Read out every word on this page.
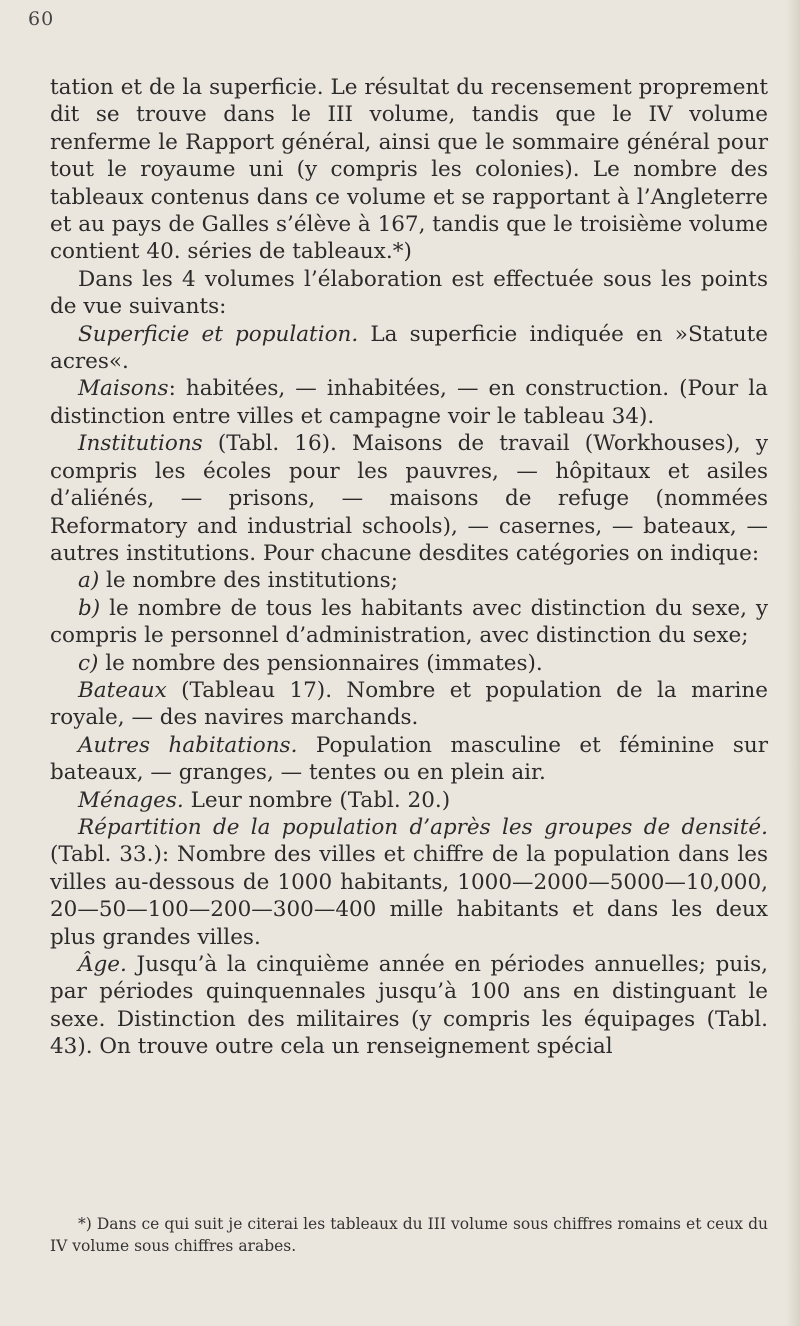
60

tation et de la superficie. Le résultat du recensement proprement dit se trouve dans le III volume, tandis que le IV volume renferme le Rapport général, ainsi que le sommaire général pour tout le royaume uni (y compris les colonies). Le nombre des tableaux contenus dans ce volume et se rapportant à l’Angleterre et au pays de Galles s’élève à 167, tandis que le troisième volume contient 40. séries de tableaux.*)

Dans les 4 volumes l’élaboration est effectuée sous les points de vue suivants:

Superficie et population. La superficie indiquée en »Statute acres«.

Maisons: habitées, — inhabitées, — en construction. (Pour la distinction entre villes et campagne voir le tableau 34).

Institutions (Tabl. 16). Maisons de travail (Workhouses), y compris les écoles pour les pauvres, — hôpitaux et asiles d’aliénés, — prisons, — maisons de refuge (nommées Reformatory and industrial schools), — casernes, — bateaux, — autres institutions. Pour chacune desdites catégories on indique:

a) le nombre des institutions;

b) le nombre de tous les habitants avec distinction du sexe, y compris le personnel d’administration, avec distinction du sexe;

c) le nombre des pensionnaires (immates).

Bateaux (Tableau 17). Nombre et population de la marine royale, — des navires marchands.

Autres habitations. Population masculine et féminine sur bateaux, — granges, — tentes ou en plein air.

Ménages. Leur nombre (Tabl. 20.)

Répartition de la population d’après les groupes de densité. (Tabl. 33.): Nombre des villes et chiffre de la population dans les villes au-dessous de 1000 habitants, 1000—2000—5000—10,000, 20—50—100—200—300—400 mille habitants et dans les deux plus grandes villes.

Âge. Jusqu’à la cinquième année en périodes annuelles; puis, par périodes quinquennales jusqu’à 100 ans en distinguant le sexe. Distinction des militaires (y compris les équipages (Tabl. 43). On trouve outre cela un renseignement spécial

*) Dans ce qui suit je citerai les tableaux du III volume sous chiffres romains et ceux du IV volume sous chiffres arabes.
